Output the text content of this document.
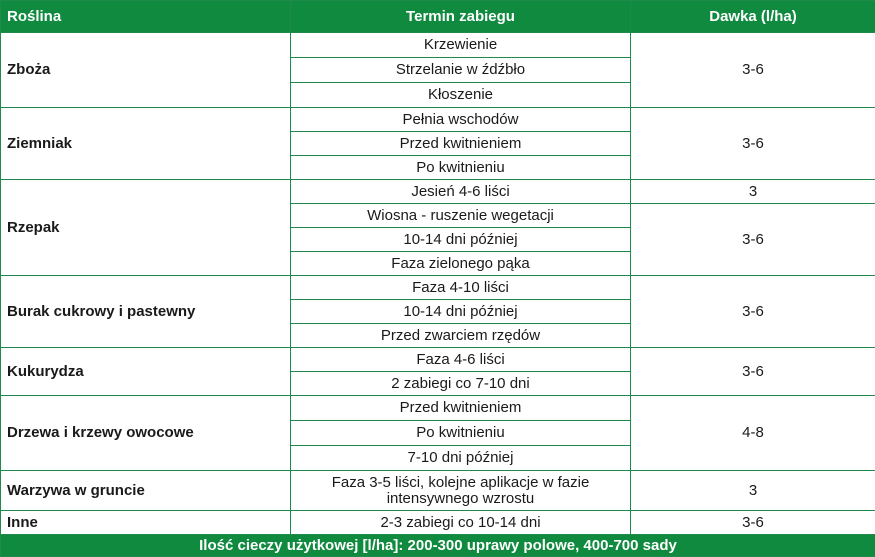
Roślina	Termin zabiegu	Dawka (l/ha)
Zboża	Krzewienie	3-6
	Strzelanie w źdźbło	
	Kłoszenie	
Ziemniak	Pełnia wschodów	3-6
	Przed kwitnieniem	
	Po kwitnieniu	
Rzepak	Jesień 4-6 liści	3
	Wiosna - ruszenie wegetacji	3-6
	10-14 dni później	
	Faza zielonego pąka	
Burak cukrowy i pastewny	Faza 4-10 liści	3-6
	10-14 dni później	
	Przed zwarciem rzędów	
Kukurydza	Faza 4-6 liści	3-6
	2 zabiegi co 7-10 dni	
Drzewa i krzewy owocowe	Przed kwitnieniem	4-8
	Po kwitnieniu	
	7-10 dni później	
Warzywa w gruncie	Faza 3-5 liści, kolejne aplikacje w fazie intensywnego wzrostu	3
Inne	2-3 zabiegi co 10-14 dni	3-6
Ilość cieczy użytkowej [l/ha]: 200-300 uprawy polowe, 400-700 sady		
